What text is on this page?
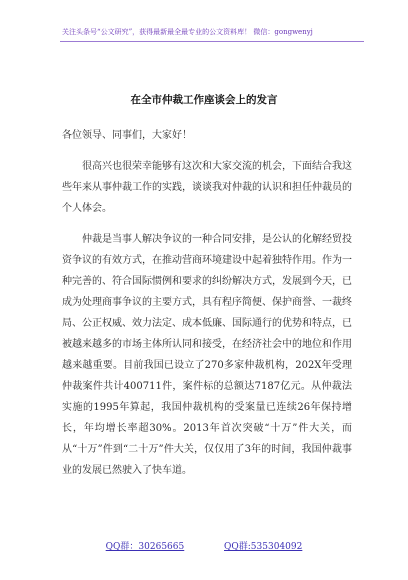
关注头条号“公文研究”，获得最新最全最专业的公文资料库！ 微信：gongwenyj
在全市仲裁工作座谈会上的发言

各位领导、同事们，大家好！

很高兴也很荣幸能够有这次和大家交流的机会，下面结合我这些年来从事仲裁工作的实践，谈谈我对仲裁的认识和担任仲裁员的个人体会。

仲裁是当事人解决争议的一种合同安排，是公认的化解经贸投资争议的有效方式，在推动营商环境建设中起着独特作用。作为一种完善的、符合国际惯例和要求的纠纷解决方式，发展到今天，已成为处理商事争议的主要方式，具有程序简便、保护商誉、一裁终局、公正权威、效力法定、成本低廉、国际通行的优势和特点，已被越来越多的市场主体所认同和接受，在经济社会中的地位和作用越来越重要。目前我国已设立了270多家仲裁机构，202X年受理仲裁案件共计400711件，案件标的总额达7187亿元。从仲裁法实施的1995年算起，我国仲裁机构的受案量已连续26年保持增长，年均增长率超30%。2013年首次突破“十万”件大关，而从“十万”件到“二十万”件大关，仅仅用了3年的时间，我国仲裁事业的发展已然驶入了快车道。

QQ群：30265665	QQ群:535304092
